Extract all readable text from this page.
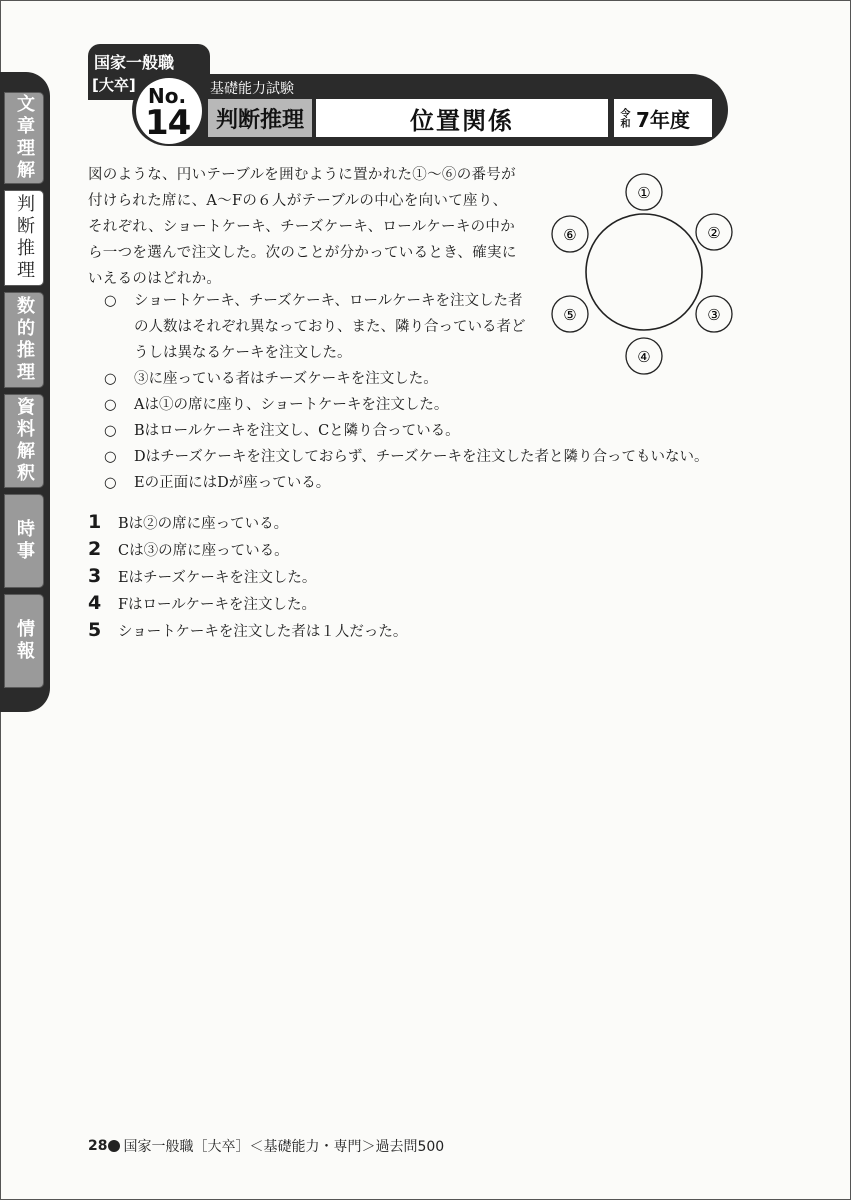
文章理解
判断推理
数的推理
資料解釈
時事
情報
国家一般職
[大卒] No.
14
基礎能力試験
判断推理	位置関係	令和 7年度

図のような、円いテーブルを囲むように置かれた①～⑥の番号が
付けられた席に、A～Fの６人がテーブルの中心を向いて座り、
それぞれ、ショートケーキ、チーズケーキ、ロールケーキの中か
ら一つを選んで注文した。次のことが分かっているとき、確実に
いえるのはどれか。

①
②
③
④
⑤
⑥
○	ショートケーキ、チーズケーキ、ロールケーキを注文した者の人数はそれぞれ異なっており、また、隣り合っている者どうしは異なるケーキを注文した。
○	③に座っている者はチーズケーキを注文した。
○	Aは①の席に座り、ショートケーキを注文した。
○	Bはロールケーキを注文し、Cと隣り合っている。
○	Dはチーズケーキを注文しておらず、チーズケーキを注文した者と隣り合ってもいない。
○	Eの正面にはDが座っている。
1	Bは②の席に座っている。
2	Cは③の席に座っている。
3	Eはチーズケーキを注文した。
4	Fはロールケーキを注文した。
5	ショートケーキを注文した者は１人だった。
28 国家一般職［大卒］＜基礎能力・専門＞過去問500
